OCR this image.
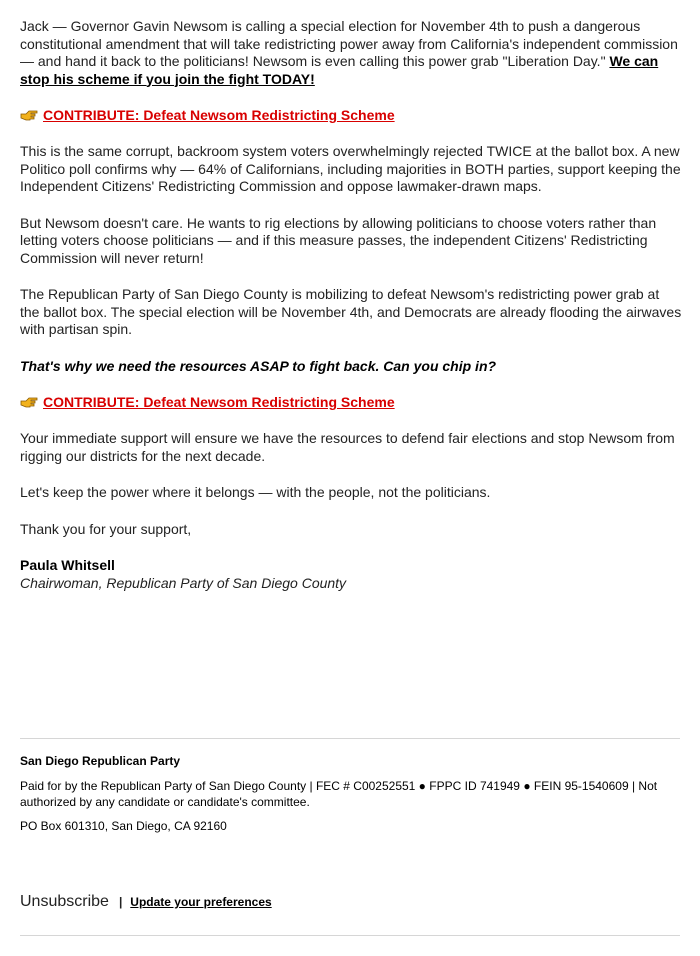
Jack — Governor Gavin Newsom is calling a special election for November 4th to push a dangerous constitutional amendment that will take redistricting power away from California's independent commission — and hand it back to the politicians! Newsom is even calling this power grab "Liberation Day." We can stop his scheme if you join the fight TODAY!

CONTRIBUTE: Defeat Newsom Redistricting Scheme

This is the same corrupt, backroom system voters overwhelmingly rejected TWICE at the ballot box. A new Politico poll confirms why — 64% of Californians, including majorities in BOTH parties, support keeping the Independent Citizens' Redistricting Commission and oppose lawmaker-drawn maps.

But Newsom doesn't care. He wants to rig elections by allowing politicians to choose voters rather than letting voters choose politicians — and if this measure passes, the independent Citizens' Redistricting Commission will never return!

The Republican Party of San Diego County is mobilizing to defeat Newsom's redistricting power grab at the ballot box. The special election will be November 4th, and Democrats are already flooding the airwaves with partisan spin.

That's why we need the resources ASAP to fight back. Can you chip in?

CONTRIBUTE: Defeat Newsom Redistricting Scheme

Your immediate support will ensure we have the resources to defend fair elections and stop Newsom from rigging our districts for the next decade.

Let's keep the power where it belongs — with the people, not the politicians.

Thank you for your support,

Paula Whitsell

Chairwoman, Republican Party of San Diego County

San Diego Republican Party
Paid for by the Republican Party of San Diego County | FEC # C00252551 ● FPPC ID 741949 ● FEIN 95-1540609 | Not authorized by any candidate or candidate's committee.
PO Box 601310, San Diego, CA 92160
Unsubscribe | Update your preferences
